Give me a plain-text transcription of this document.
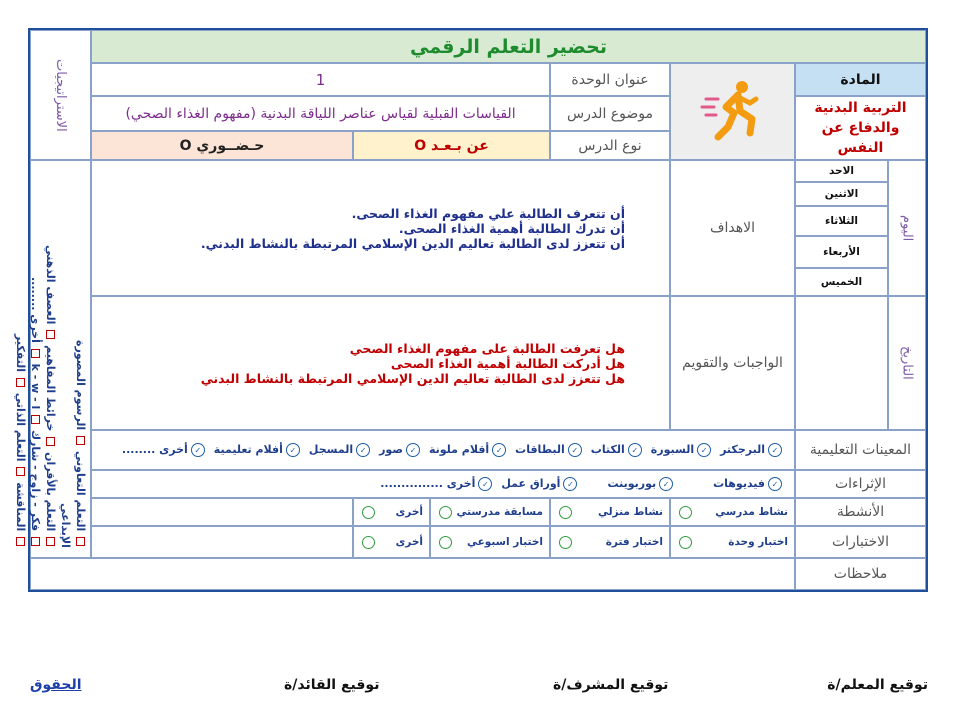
تحضير التعلم الرقمي
الاستراتيجيات	المادة
التربية البدنية والدفاع عن النفس
عنوان الوحدة
1
موضوع الدرس
القياسات القبلية لقياس عناصر اللياقة البدنية (مفهوم الغذاء الصحي)
نوع الدرس
عن بـعـد O
حـضــوري O
اليوم
الاحد
الاثنين
الثلاثاء
الأربعاء
الخميس
التاريخ
الاهداف
أن تتعرف الطالبة علي مفهوم الغذاء الصحى.
أن تدرك الطالبة أهمية الغذاء الصحى.
أن تتعزز لدى الطالبة تعاليم الدين الإسلامي المرتبطة بالنشاط البدني.
الواجبات والتقويم
هل تعرفت الطالبة على مفهوم الغذاء الصحي
هل أدركت الطالبة أهمية الغذاء الصحى
هل تتعزز لدى الطالبة تعاليم الدين الإسلامي المرتبطة بالنشاط البدني
المعينات التعليمية
✓البرجكتر
✓السبورة
✓الكتاب
✓البطاقات
✓أقلام ملونة
✓صور
✓المسجل
✓أفلام تعليمية
✓أخرى ........
الإثراءات
✓فيديوهات
✓بوربوينت
✓أوراق عمل
✓أخرى ...............
الأنشطة
نشاط مدرسي
نشاط منزلي
مسابقة مدرستي
أخرى
الاختبارات
اختبار وحدة
اختبار فترة
اختبار اسبوعي
أخرى
ملاحظات
التعلم التعاوني  الرسوم المصورة
الإبداعي
التعلم بالأقران  خرائط المفاهيم  العصف الذهني
فكر - زاوج - شارك  k - w - l  أخرى ........
المناقشة  التعلم الذاتي  التفكير
توقيع المعلم/ة
توقيع المشرف/ة
توقيع القائد/ة
الحقوق
